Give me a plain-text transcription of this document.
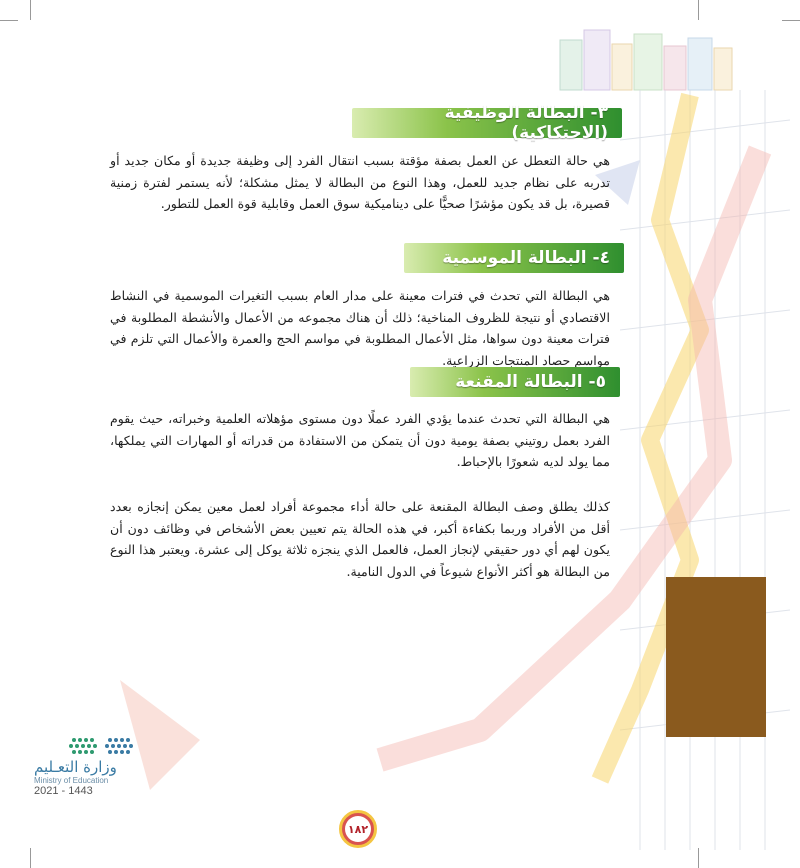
٣- البطالة الوظيفية (الاحتكاكية)
هي حالة التعطل عن العمل بصفة مؤقتة بسبب انتقال الفرد إلى وظيفة جديدة أو مكان جديد أو تدربه على نظام جديد للعمل، وهذا النوع من البطالة لا يمثل مشكلة؛ لأنه يستمر لفترة زمنية قصيرة، بل قد يكون مؤشرًا صحيًّا على ديناميكية سوق العمل وقابلية قوة العمل للتطور.
٤- البطالة الموسمية
هي البطالة التي تحدث في فترات معينة على مدار العام بسبب التغيرات الموسمية في النشاط الاقتصادي أو نتيجة للظروف المناخية؛ ذلك أن هناك مجموعه من الأعمال والأنشطة المطلوبة في فترات معينة دون سواها، مثل الأعمال المطلوبة في مواسم الحج والعمرة والأعمال التي تلزم في مواسم حصاد المنتجات الزراعية.
٥- البطالة المقنعة
هي البطالة التي تحدث عندما يؤدي الفرد عملًا دون مستوى مؤهلاته العلمية وخبراته، حيث يقوم الفرد بعمل روتيني بصفة يومية دون أن يتمكن من الاستفادة من قدراته أو المهارات التي يملكها، مما يولد لديه شعورًا بالإحباط.
كذلك يطلق وصف البطالة المقنعة على حالة أداء مجموعة أفراد لعمل معين يمكن إنجازه بعدد أقل من الأفراد وربما بكفاءة أكبر، في هذه الحالة يتم تعيين بعض الأشخاص في وظائف دون أن يكون لهم أي دور حقيقي لإنجاز العمل، فالعمل الذي ينجزه ثلاثة يوكل إلى عشرة. ويعتبر هذا النوع من البطالة هو أكثر الأنواع شيوعاً في الدول النامية.
وزارة التعـليم
Ministry of Education
2021 - 1443
١٨٢
